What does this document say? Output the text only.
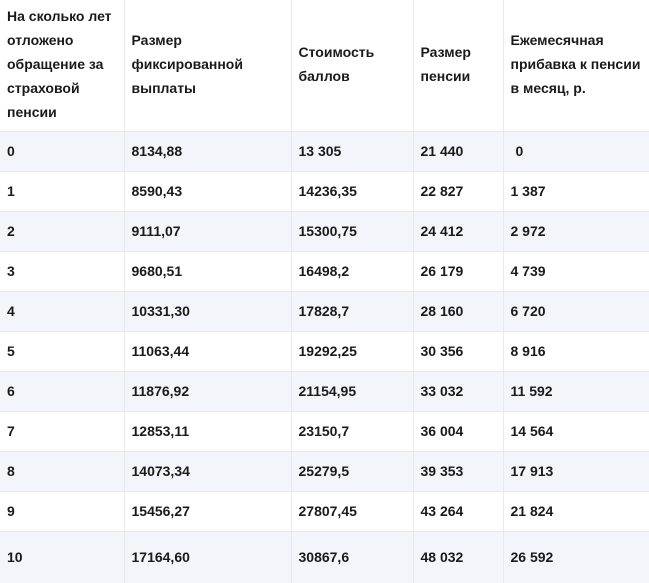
На сколько лет отложено обращение за страховой пенсии	Размер фиксированной выплаты	Стоимость баллов	Размер пенсии	Ежемесячная прибавка к пенсии в месяц, р.
0	8134,88	13 305	21 440	0
1	8590,43	14236,35	22 827	1 387
2	9111,07	15300,75	24 412	2 972
3	9680,51	16498,2	26 179	4 739
4	10331,30	17828,7	28 160	6 720
5	11063,44	19292,25	30 356	8 916
6	11876,92	21154,95	33 032	11 592
7	12853,11	23150,7	36 004	14 564
8	14073,34	25279,5	39 353	17 913
9	15456,27	27807,45	43 264	21 824
10	17164,60	30867,6	48 032	26 592
